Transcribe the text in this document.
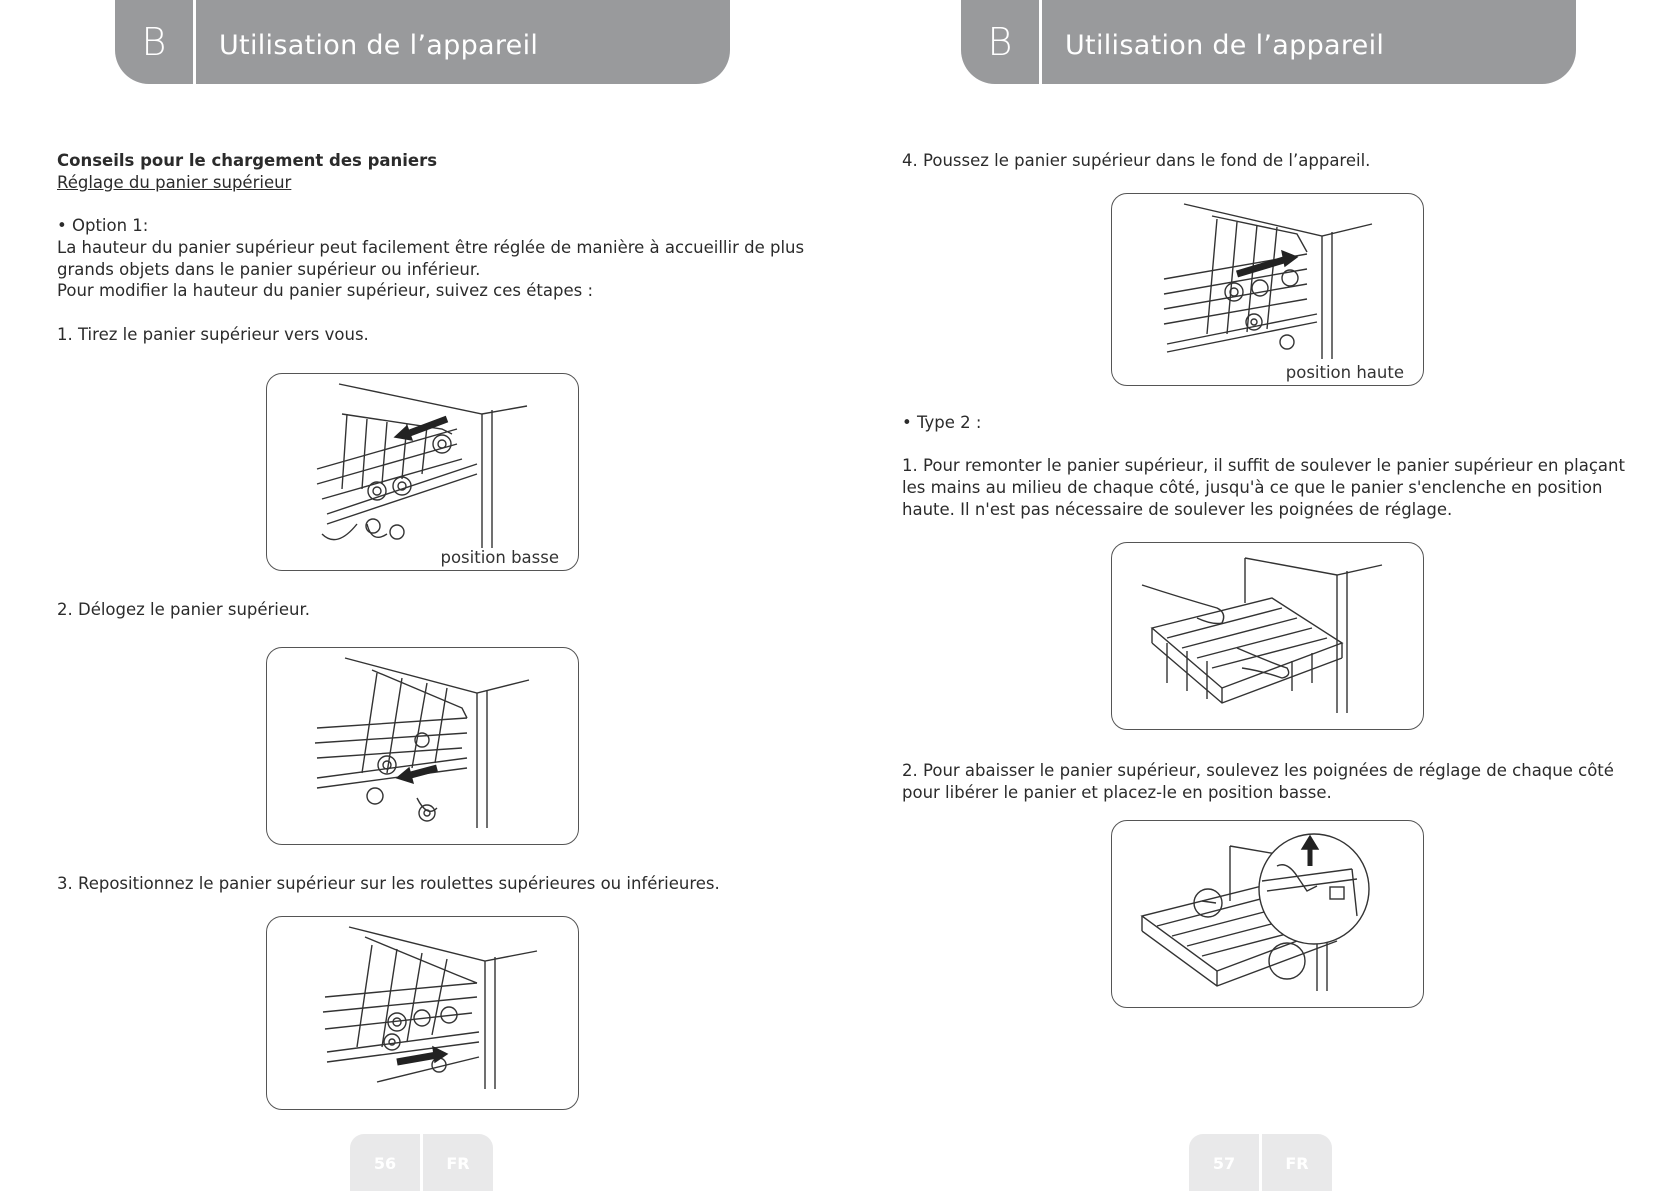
B	Utilisation de l’appareil	B	Utilisation de l’appareil

Conseils pour le chargement des paniers

Réglage du panier supérieur

• Option 1:

La hauteur du panier supérieur peut facilement être réglée de manière à accueillir de plus grands objets dans le panier supérieur ou inférieur.

Pour modifier la hauteur du panier supérieur, suivez ces étapes :

1. Tirez le panier supérieur vers vous.

position basse
2. Délogez le panier supérieur.
3. Repositionnez le panier supérieur sur les roulettes supérieures ou inférieures.
4. Poussez le panier supérieur dans le fond de l’appareil.
position haute

• Type 2 :

1. Pour remonter le panier supérieur, il suffit de soulever le panier supérieur en plaçant les mains au milieu de chaque côté, jusqu'à ce que le panier s'enclenche en position haute. Il n'est pas nécessaire de soulever les poignées de réglage.

2. Pour abaisser le panier supérieur, soulevez les poignées de réglage de chaque côté pour libérer le panier et placez-le en position basse.
56	FR	57	FR
